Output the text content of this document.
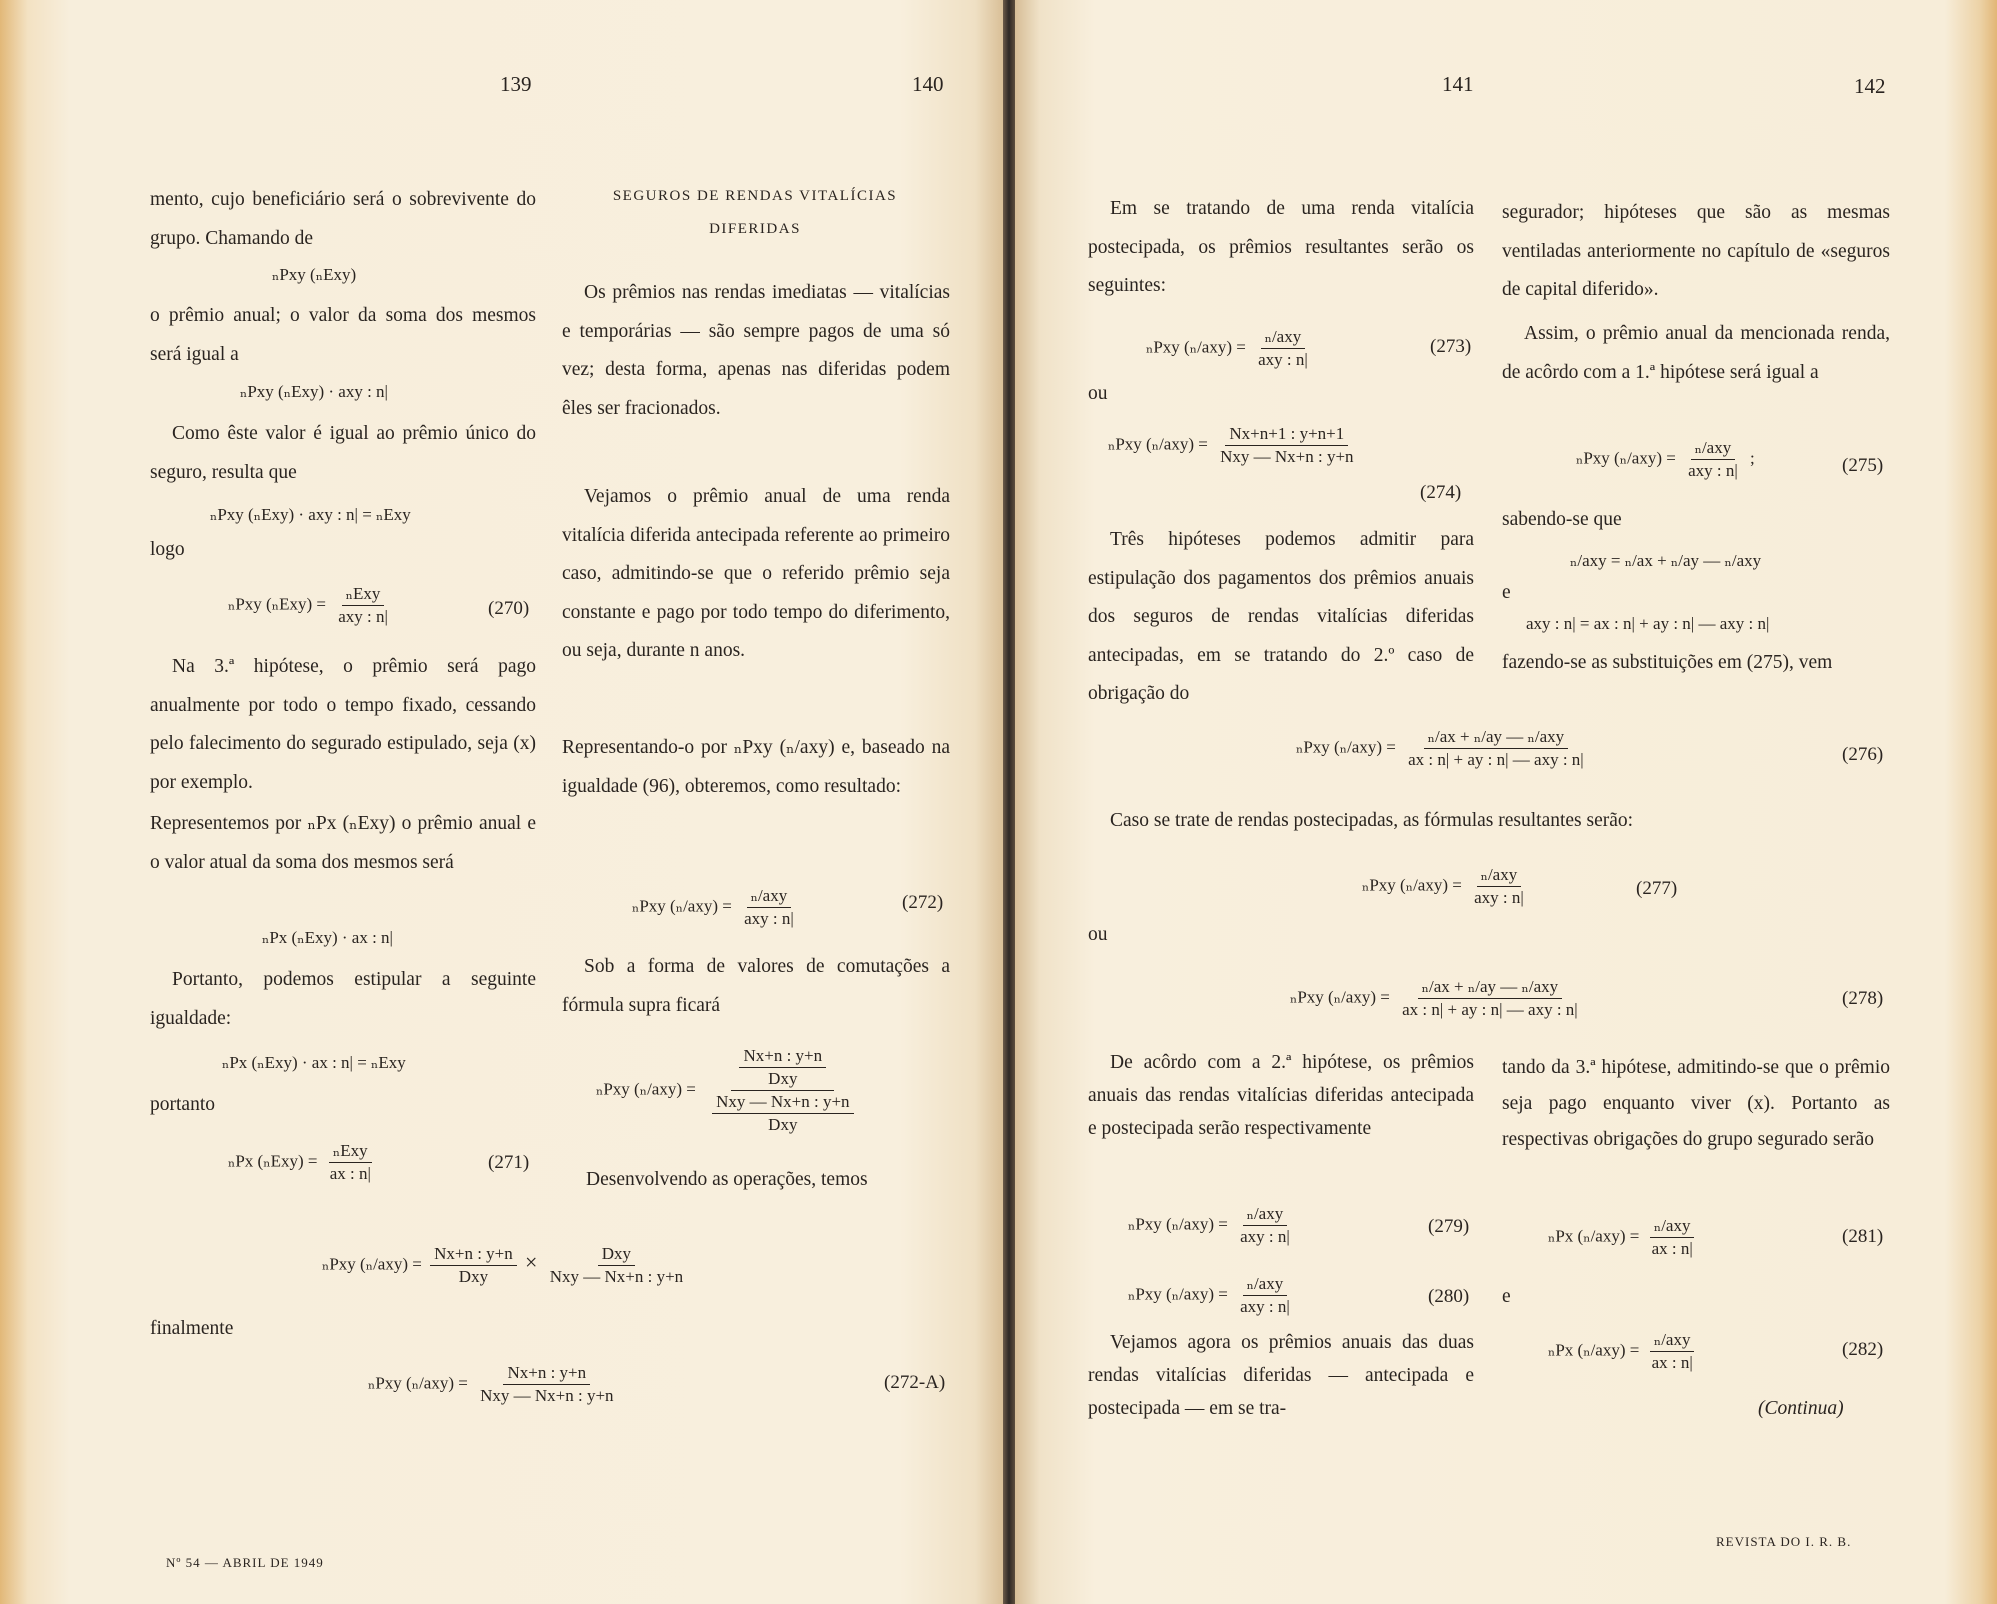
139
mento, cujo beneficiário será o sobrevivente do grupo. Chamando de
ₙPxy (ₙExy)
o prêmio anual; o valor da soma dos mesmos será igual a
ₙPxy (ₙExy) · axy : n|
Como êste valor é igual ao prêmio único do seguro, resulta que
ₙPxy (ₙExy) · axy : n| = ₙExy
logo
ₙPxy $(_nExy) = \frac{\text{ₙExy}}{\text{axy : n|}}$	(270)
Na 3.ª hipótese, o prêmio será pago anualmente por todo o tempo fixado, cessando pelo falecimento do segurado estipulado, seja (x) por exemplo.
Representemos por ₙPx (ₙExy) o prêmio anual e o valor atual da soma dos mesmos será
ₙPx (ₙExy) · ax : n|
Portanto, podemos estipular a seguinte igualdade:
ₙPx (ₙExy) · ax : n| = ₙExy
portanto
ₙPx $(_nExy) = \frac{\text{ₙExy}}{ax : n|}$	(271)
finalmente
Nº 54 — ABRIL DE 1949
140
SEGUROS DE RENDAS VITALÍCIAS
DIFERIDAS
Os prêmios nas rendas imediatas — vitalícias e temporárias — são sempre pagos de uma só vez; desta forma, apenas nas diferidas podem êles ser fracionados.
Vejamos o prêmio anual de uma renda vitalícia diferida antecipada referente ao primeiro caso, admitindo-se que o referido prêmio seja constante e pago por todo tempo do diferimento, ou seja, durante n anos.
Representando-o por ₙPxy (ₙ/axy) e, baseado na igualdade (96), obteremos, como resultado:
ₙPxy $(_n/axy) = \frac{\text{ₙ/axy}}{\text{axy : n|}}$	(272)
Sob a forma de valores de comutações a fórmula supra ficará
ₙPxy $(_n/axy) = \frac{\frac{Nx+n : y+n}{\text{Dxy}}}{\frac{\text{Nxy — Nx+n : y+n}}{\text{Dxy}}}$
Desenvolvendo as operações, temos
ₙPxy $(_n/axy) = \frac{Nx+n : y+n}{\text{Dxy}} \times \frac{\text{Dxy}}{\text{Nxy — Nx+n : y+n}}$
ₙPxy $(_n/axy) = \frac{Nx+n : y+n}{\text{Nxy — Nx+n : y+n}}$	(272-A)
141
Em se tratando de uma renda vitalícia postecipada, os prêmios resultantes serão os seguintes:
ₙPxy $(_n/axy) = \frac{\text{ₙ/axy}}{\text{axy : n|}}$	(273)
ou
ₙPxy $(_n/axy) = \frac{Nx+n+1 : y+n+1}{\text{Nxy — Nx+n : y+n}}$
(274)
Três hipóteses podemos admitir para estipulação dos pagamentos dos prêmios anuais dos seguros de rendas vitalícias diferidas antecipadas, em se tratando do 2.º caso de obrigação do
ₙPxy $(_n/axy) = \frac{\text{ₙ/ax + ₙ/ay — ₙ/axy}}{\text{ax : n| + ay : n| — axy : n|}}$	(276)
Caso se trate de rendas postecipadas, as fórmulas resultantes serão:
ₙPxy $(_n/axy) = \frac{\text{ₙ/axy}}{\text{axy : n|}}$	(277)
ou
ₙPxy $(_n/axy) = \frac{\text{ₙ/ax + ₙ/ay — ₙ/axy}}{\text{ax : n| + ay : n| — axy : n|}}$	(278)
De acôrdo com a 2.ª hipótese, os prêmios anuais das rendas vitalícias diferidas antecipada e postecipada serão respectivamente
ₙPxy $(_n/axy) = \frac{\text{ₙ/axy}}{\text{axy : n|}}$	(279)
ₙPxy $(_n/axy) = \frac{\text{ₙ/axy}}{\text{axy : n|}}$	(280)
Vejamos agora os prêmios anuais das duas rendas vitalícias diferidas — antecipada e postecipada — em se tra-
142
segurador; hipóteses que são as mesmas ventiladas anteriormente no capítulo de «seguros de capital diferido».
Assim, o prêmio anual da mencionada renda, de acôrdo com a 1.ª hipótese será igual a
ₙPxy $(_n/axy) = \frac{\text{ₙ/axy}}{\text{axy : n|}}$ ;	(275)
sabendo-se que
ₙ/axy = ₙ/ax + ₙ/ay — ₙ/axy
e
axy : n| = ax : n| + ay : n| — axy : n|
fazendo-se as substituições em (275), vem
tando da 3.ª hipótese, admitindo-se que o prêmio seja pago enquanto viver (x). Portanto as respectivas obrigações do grupo segurado serão
ₙPx $(_n/axy) = \frac{\text{ₙ/axy}}{ax : n|}$	(281)
e
ₙPx $(_n/axy) = \frac{\text{ₙ/axy}}{ax : n|}$	(282)
(Continua)
REVISTA DO I. R. B.
